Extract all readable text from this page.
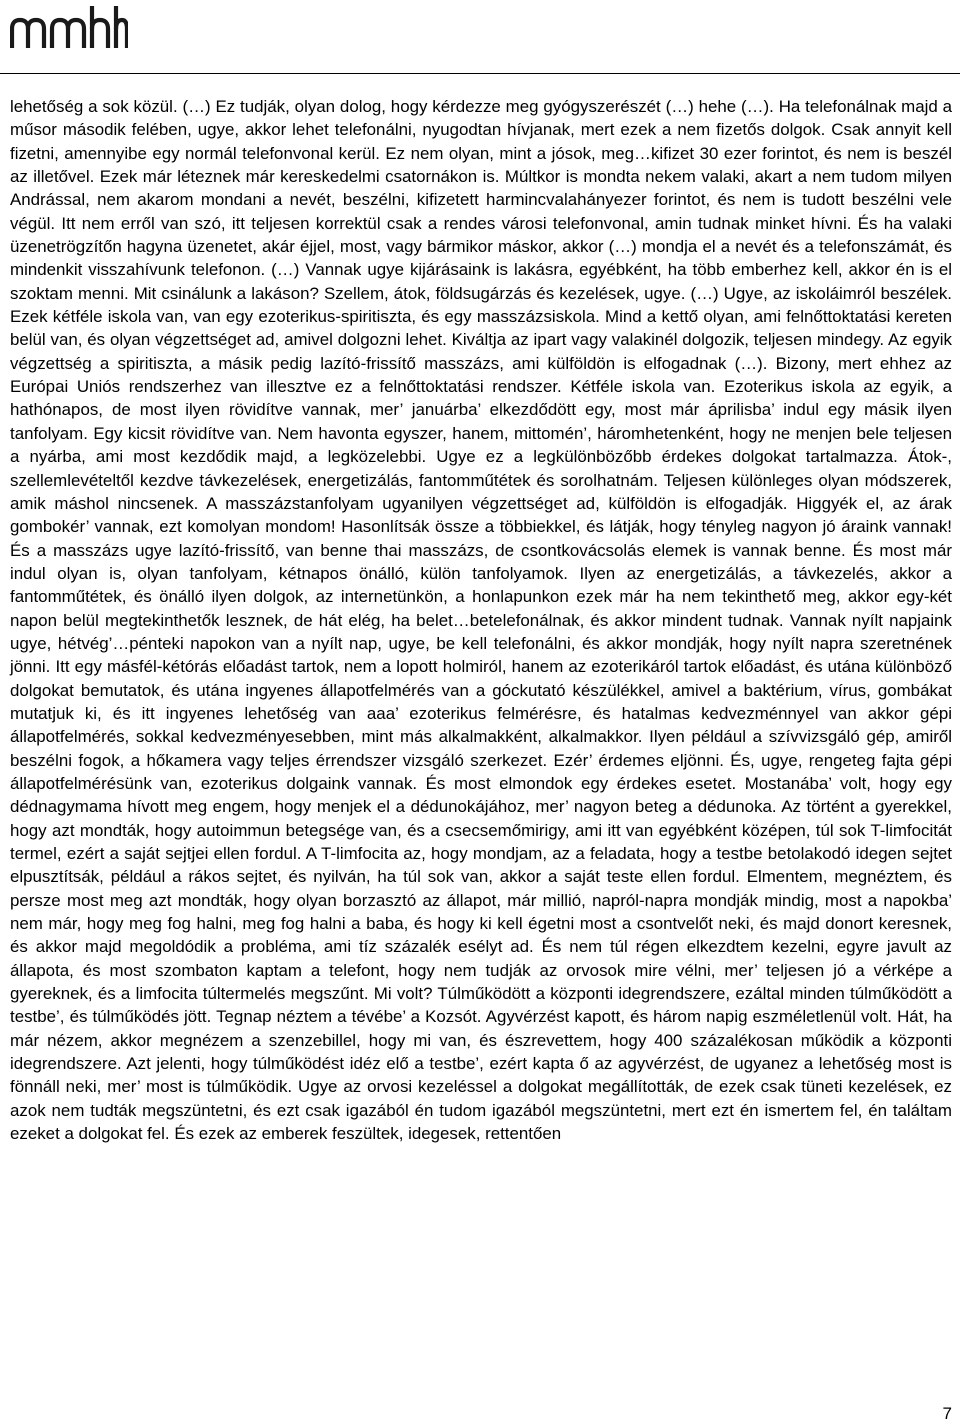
lehetőség a sok közül. (…) Ez tudják, olyan dolog, hogy kérdezze meg gyógyszerészét (…) hehe (…). Ha telefonálnak majd a műsor második felében, ugye, akkor lehet telefonálni, nyugodtan hívjanak, mert ezek a nem fizetős dolgok. Csak annyit kell fizetni, amennyibe egy normál telefonvonal kerül. Ez nem olyan, mint a jósok, meg…kifizet 30 ezer forintot, és nem is beszél az illetővel. Ezek már léteznek már kereskedelmi csatornákon is. Múltkor is mondta nekem valaki, akart a nem tudom milyen Andrással, nem akarom mondani a nevét, beszélni, kifizetett harmincvalahányezer forintot, és nem is tudott beszélni vele végül. Itt nem erről van szó, itt teljesen korrektül csak a rendes városi telefonvonal, amin tudnak minket hívni. És ha valaki üzenetrögzítőn hagyna üzenetet, akár éjjel, most, vagy bármikor máskor, akkor (…) mondja el a nevét és a telefonszámát, és mindenkit visszahívunk telefonon. (…) Vannak ugye kijárásaink is lakásra, egyébként, ha több emberhez kell, akkor én is el szoktam menni. Mit csinálunk a lakáson? Szellem, átok, földsugárzás és kezelések, ugye. (…) Ugye, az iskoláimról beszélek. Ezek kétféle iskola van, van egy ezoterikus-spiritiszta, és egy masszázsiskola. Mind a kettő olyan, ami felnőttoktatási kereten belül van, és olyan végzettséget ad, amivel dolgozni lehet. Kiváltja az ipart vagy valakinél dolgozik, teljesen mindegy. Az egyik végzettség a spiritiszta, a másik pedig lazító-frissítő masszázs, ami külföldön is elfogadnak (…). Bizony, mert ehhez az Európai Uniós rendszerhez van illesztve ez a felnőttoktatási rendszer. Kétféle iskola van. Ezoterikus iskola az egyik, a hathónapos, de most ilyen rövidítve vannak, mer’ januárba’ elkezdődött egy, most már áprilisba’ indul egy másik ilyen tanfolyam. Egy kicsit rövidítve van. Nem havonta egyszer, hanem, mittomén’, háromhetenként, hogy ne menjen bele teljesen a nyárba, ami most kezdődik majd, a legközelebbi. Ugye ez a legkülönbözőbb érdekes dolgokat tartalmazza. Átok-, szellemlevételtől kezdve távkezelések, energetizálás, fantomműtétek és sorolhatnám. Teljesen különleges olyan módszerek, amik máshol nincsenek. A masszázstanfolyam ugyanilyen végzettséget ad, külföldön is elfogadják. Higgyék el, az árak gombokér’ vannak, ezt komolyan mondom! Hasonlítsák össze a többiekkel, és látják, hogy tényleg nagyon jó áraink vannak! És a masszázs ugye lazító-frissítő, van benne thai masszázs, de csontkovácsolás elemek is vannak benne. És most már indul olyan is, olyan tanfolyam, kétnapos önálló, külön tanfolyamok. Ilyen az energetizálás, a távkezelés, akkor a fantomműtétek, és önálló ilyen dolgok, az internetünkön, a honlapunkon ezek már ha nem tekinthető meg, akkor egy-két napon belül megtekinthetők lesznek, de hát elég, ha belet…betelefonálnak, és akkor mindent tudnak. Vannak nyílt napjaink ugye, hétvég’…pénteki napokon van a nyílt nap, ugye, be kell telefonálni, és akkor mondják, hogy nyílt napra szeretnének jönni. Itt egy másfél-kétórás előadást tartok, nem a lopott holmiról, hanem az ezoterikáról tartok előadást, és utána különböző dolgokat bemutatok, és utána ingyenes állapotfelmérés van a góckutató készülékkel, amivel a baktérium, vírus, gombákat mutatjuk ki, és itt ingyenes lehetőség van aaa’ ezoterikus felmérésre, és hatalmas kedvezménnyel van akkor gépi állapotfelmérés, sokkal kedvezményesebben, mint más alkalmakként, alkalmakkor. Ilyen például a szívvizsgáló gép, amiről beszélni fogok, a hőkamera vagy teljes érrendszer vizsgáló szerkezet. Ezér’ érdemes eljönni. És, ugye, rengeteg fajta gépi állapotfelmérésünk van, ezoterikus dolgaink vannak. És most elmondok egy érdekes esetet. Mostanába’ volt, hogy egy dédnagymama hívott meg engem, hogy menjek el a dédunokájához, mer’ nagyon beteg a dédunoka. Az történt a gyerekkel, hogy azt mondták, hogy autoimmun betegsége van, és a csecsemőmirigy, ami itt van egyébként középen, túl sok T-limfocitát termel, ezért a saját sejtjei ellen fordul. A T-limfocita az, hogy mondjam, az a feladata, hogy a testbe betolakodó idegen sejtet elpusztítsák, például a rákos sejtet, és nyilván, ha túl sok van, akkor a saját teste ellen fordul. Elmentem, megnéztem, és persze most meg azt mondták, hogy olyan borzasztó az állapot, már millió, napról-napra mondják mindig, most a napokba’ nem már, hogy meg fog halni, meg fog halni a baba, és hogy ki kell égetni most a csontvelőt neki, és majd donort keresnek, és akkor majd megoldódik a probléma, ami tíz százalék esélyt ad. És nem túl régen elkezdtem kezelni, egyre javult az állapota, és most szombaton kaptam a telefont, hogy nem tudják az orvosok mire vélni, mer’ teljesen jó a vérképe a gyereknek, és a limfocita túltermelés megszűnt. Mi volt? Túlműködött a központi idegrendszere, ezáltal minden túlműködött a testbe’, és túlműködés jött. Tegnap néztem a tévébe’ a Kozsót. Agyvérzést kapott, és három napig eszméletlenül volt. Hát, ha már nézem, akkor megnézem a szenzebillel, hogy mi van, és észrevettem, hogy 400 százalékosan működik a központi idegrendszere. Azt jelenti, hogy túlműködést idéz elő a testbe’, ezért kapta ő az agyvérzést, de ugyanez a lehetőség most is fönnáll neki, mer’ most is túlműködik. Ugye az orvosi kezeléssel a dolgokat megállították, de ezek csak tüneti kezelések, ez azok nem tudták megszüntetni, és ezt csak igazából én tudom igazából megszüntetni, mert ezt én ismertem fel, én találtam ezeket a dolgokat fel. És ezek az emberek feszültek, idegesek, rettentően

7
